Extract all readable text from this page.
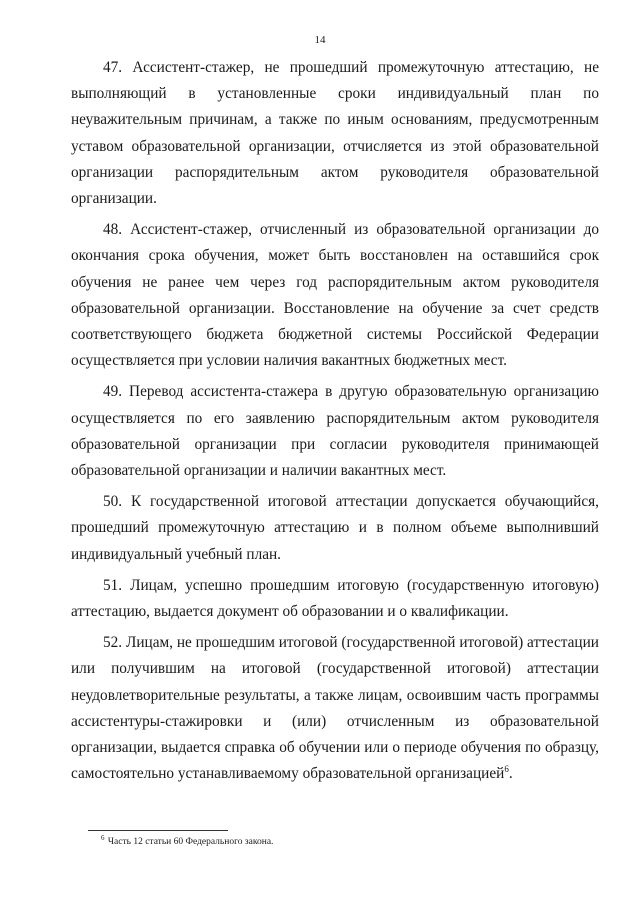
14

47. Ассистент-стажер, не прошедший промежуточную аттестацию, не выполняющий в установленные сроки индивидуальный план по неуважительным причинам, а также по иным основаниям, предусмотренным уставом образовательной организации, отчисляется из этой образовательной организации распорядительным актом руководителя образовательной организации.

48. Ассистент-стажер, отчисленный из образовательной организации до окончания срока обучения, может быть восстановлен на оставшийся срок обучения не ранее чем через год распорядительным актом руководителя образовательной организации. Восстановление на обучение за счет средств соответствующего бюджета бюджетной системы Российской Федерации осуществляется при условии наличия вакантных бюджетных мест.

49. Перевод ассистента-стажера в другую образовательную организацию осуществляется по его заявлению распорядительным актом руководителя образовательной организации при согласии руководителя принимающей образовательной организации и наличии вакантных мест.

50. К государственной итоговой аттестации допускается обучающийся, прошедший промежуточную аттестацию и в полном объеме выполнивший индивидуальный учебный план.

51. Лицам, успешно прошедшим итоговую (государственную итоговую) аттестацию, выдается документ об образовании и о квалификации.

52. Лицам, не прошедшим итоговой (государственной итоговой) аттестации или получившим на итоговой (государственной итоговой) аттестации неудовлетворительные результаты, а также лицам, освоившим часть программы ассистентуры-стажировки и (или) отчисленным из образовательной организации, выдается справка об обучении или о периоде обучения по образцу, самостоятельно устанавливаемому образовательной организацией$^6$.

$^6$ Часть 12 статьи 60 Федерального закона.
